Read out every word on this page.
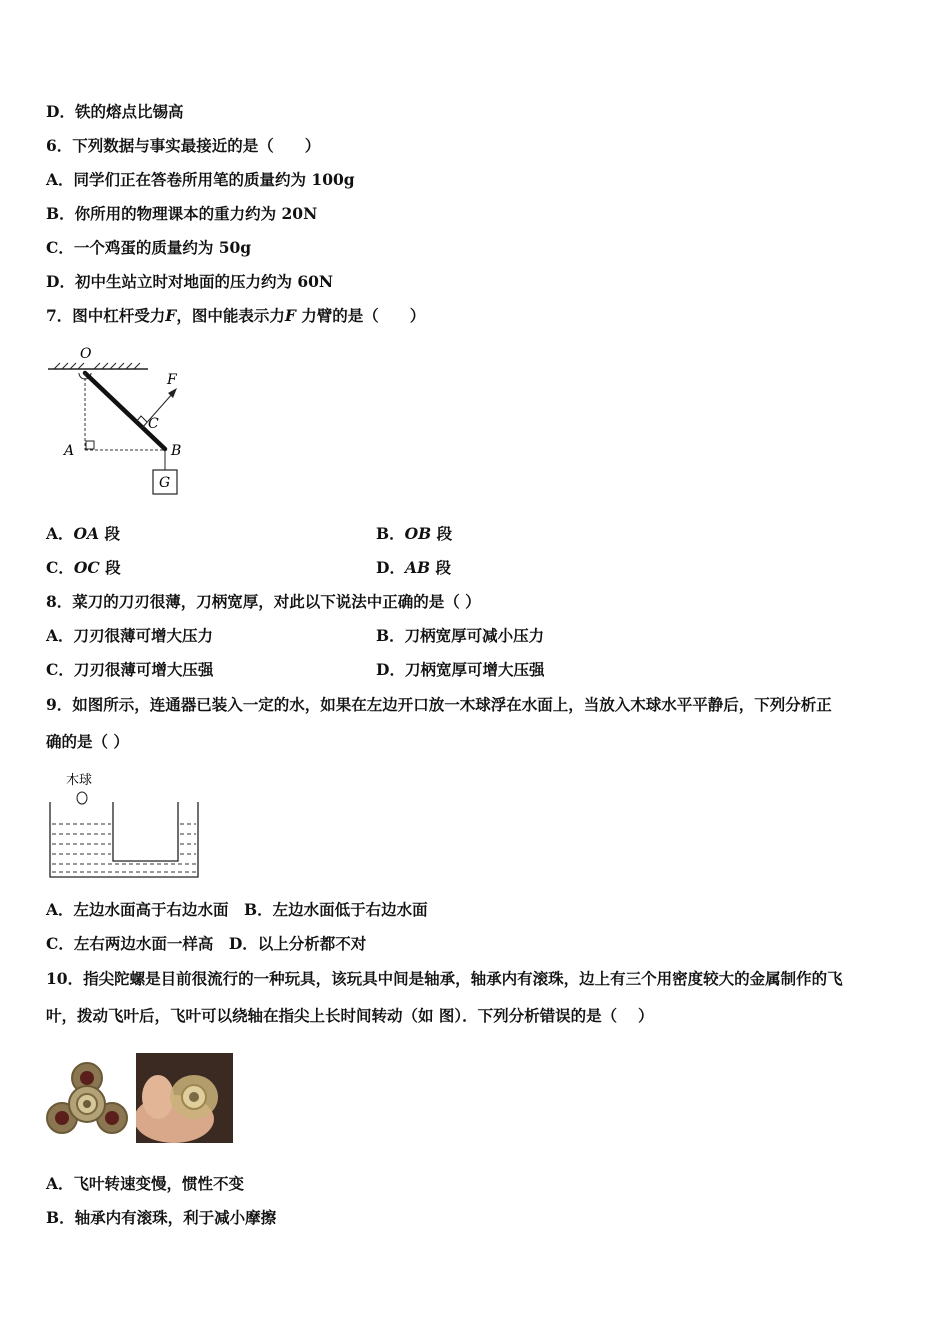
D．铁的熔点比锡高
6．下列数据与事实最接近的是（　　）
A．同学们正在答卷所用笔的质量约为 100g
B．你所用的物理课本的重力约为 20N
C．一个鸡蛋的质量约为 50g
D．初中生站立时对地面的压力约为 60N
7．图中杠杆受力F，图中能表示力F 力臂的是（　　）
O
F
C
A	B
G
A．OA 段	B．OB 段
C．OC 段	D．AB 段
8．菜刀的刀刃很薄，刀柄宽厚，对此以下说法中正确的是（ ）
A．刀刃很薄可增大压力	B．刀柄宽厚可减小压力
C．刀刃很薄可增大压强	D．刀柄宽厚可增大压强
9．如图所示，连通器已装入一定的水，如果在左边开口放一木球浮在水面上，当放入木球水平平静后，下列分析正
确的是（ ）
木球
A．左边水面高于右边水面　B．左边水面低于右边水面
C．左右两边水面一样高　D．以上分析都不对
10．指尖陀螺是目前很流行的一种玩具，该玩具中间是轴承，轴承内有滚珠，边上有三个用密度较大的金属制作的飞
叶，拨动飞叶后，飞叶可以绕轴在指尖上长时间转动（如 图）．下列分析错误的是（　 ）
A．飞叶转速变慢，惯性不变
B．轴承内有滚珠，利于减小摩擦
